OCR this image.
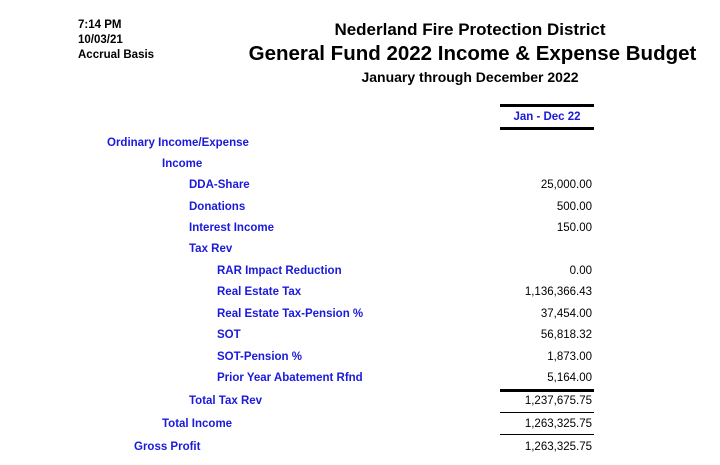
7:14 PM
10/03/21
Accrual Basis
Nederland Fire Protection District
General Fund 2022 Income & Expense Budget
January through December 2022
Jan - Dec 22
Ordinary Income/Expense
Income
DDA-Share	25,000.00
Donations	500.00
Interest Income	150.00
Tax Rev
RAR Impact Reduction	0.00
Real Estate Tax	1,136,366.43
Real Estate Tax-Pension %	37,454.00
SOT	56,818.32
SOT-Pension %	1,873.00
Prior Year Abatement Rfnd	5,164.00
Total Tax Rev	1,237,675.75
Total Income	1,263,325.75
Gross Profit	1,263,325.75
